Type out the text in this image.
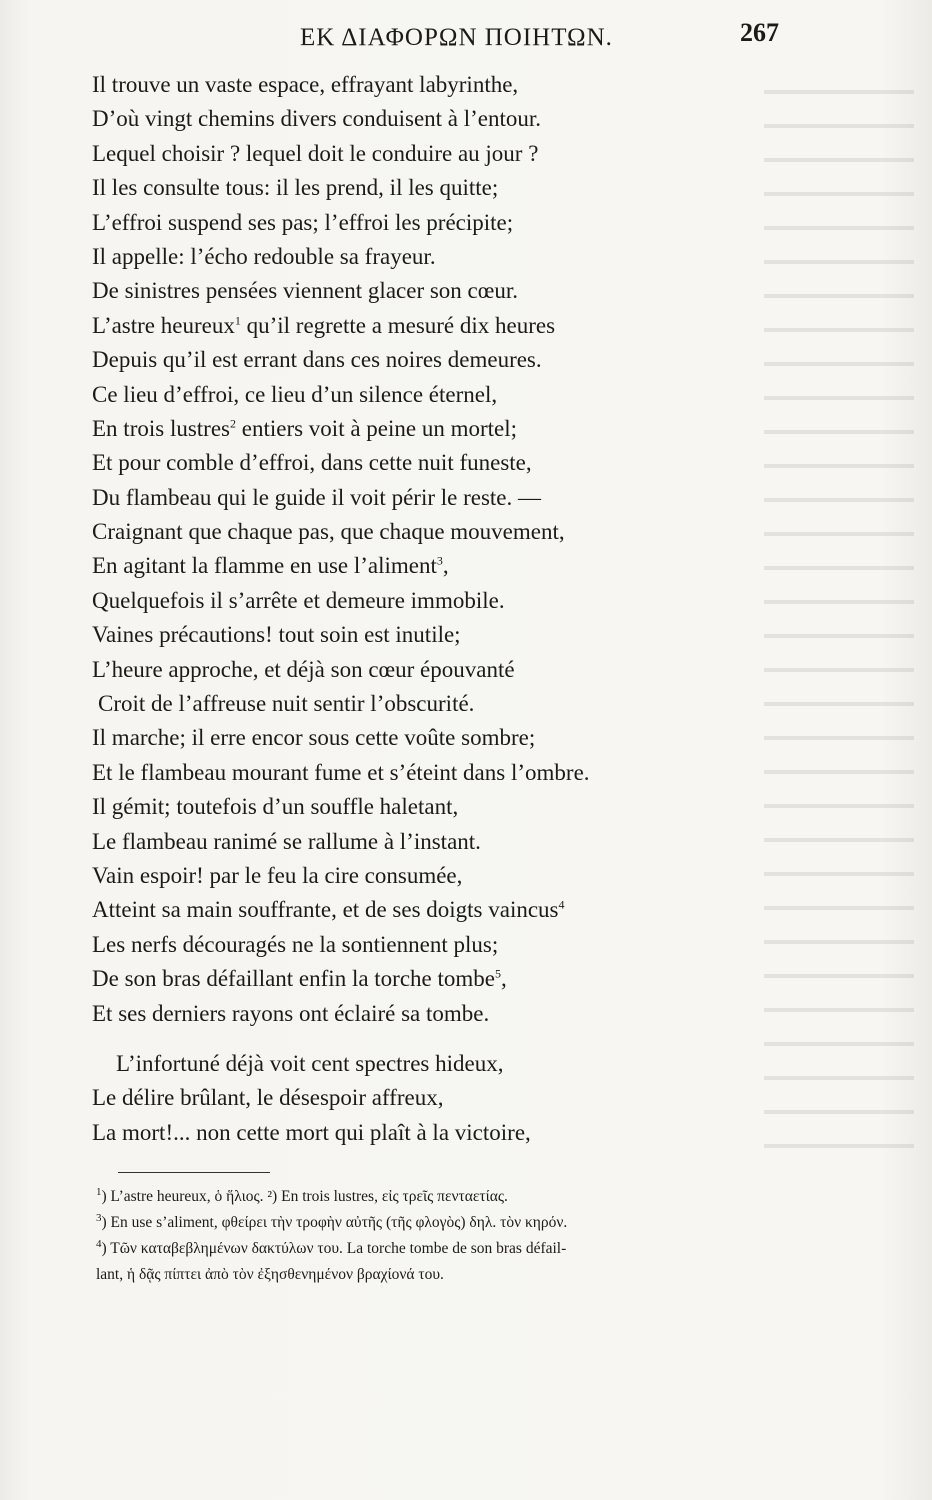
ΕΚ ΔΙΑΦΟΡΩΝ ΠΟΙΗΤΩΝ.	267
Il trouve un vaste espace, effrayant labyrinthe,
D’où vingt chemins divers conduisent à l’entour.
Lequel choisir ? lequel doit le conduire au jour ?
Il les consulte tous: il les prend, il les quitte;
L’effroi suspend ses pas; l’effroi les précipite;
Il appelle: l’écho redouble sa frayeur.
De sinistres pensées viennent glacer son cœur.
L’astre heureux$^1$ qu’il regrette a mesuré dix heures
Depuis qu’il est errant dans ces noires demeures.
Ce lieu d’effroi, ce lieu d’un silence éternel,
En trois lustres$^2$ entiers voit à peine un mortel;
Et pour comble d’effroi, dans cette nuit funeste,
Du flambeau qui le guide il voit périr le reste. —
Craignant que chaque pas, que chaque mouvement,
En agitant la flamme en use l’aliment$^3$,
Quelquefois il s’arrête et demeure immobile.
Vaines précautions! tout soin est inutile;
L’heure approche, et déjà son cœur épouvanté
Croit de l’affreuse nuit sentir l’obscurité.
Il marche; il erre encor sous cette voûte sombre;
Et le flambeau mourant fume et s’éteint dans l’ombre.
Il gémit; toutefois d’un souffle haletant,
Le flambeau ranimé se rallume à l’instant.
Vain espoir! par le feu la cire consumée,
Atteint sa main souffrante, et de ses doigts vaincus$^4$
Les nerfs découragés ne la sontiennent plus;
De son bras défaillant enfin la torche tombe$^5$,
Et ses derniers rayons ont éclairé sa tombe.
L’infortuné déjà voit cent spectres hideux,
Le délire brûlant, le désespoir affreux,
La mort!... non cette mort qui plaît à la victoire,
$^1$) L’astre heureux, ὁ ἥλιος. ²) En trois lustres, εἰς τρεῖς πενταετίας.
$^3$) En use s’aliment, φθείρει τὴν τροφὴν αὐτῆς (τῆς φλογὸς) δηλ. τὸν κηρόν.
$^4$) Τῶν καταβεβλημένων δακτύλων του. La torche tombe de son bras défail-
lant, ἡ δᾷς πίπτει ἀπὸ τὸν ἐξησθενημένον βραχίονά του.
